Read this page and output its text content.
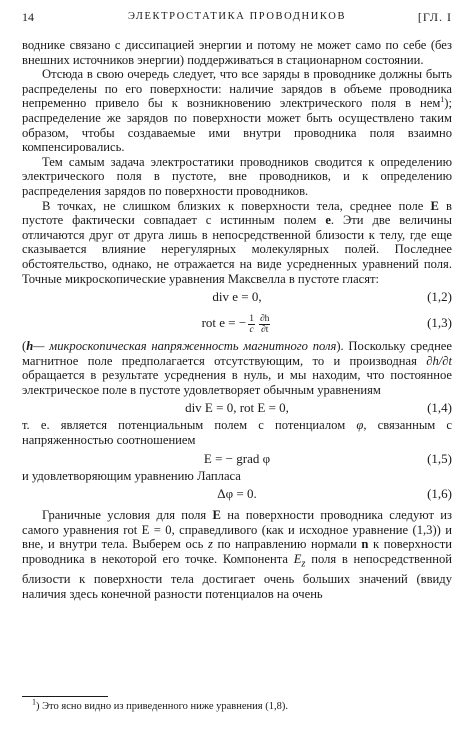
14	ЭЛЕКТРОСТАТИКА ПРОВОДНИКОВ	[ГЛ. I

воднике связано с диссипацией энергии и потому не может само по себе (без внешних источников энергии) поддерживаться в стационарном состоянии.

Отсюда в свою очередь следует, что все заряды в проводнике должны быть распределены по его поверхности: наличие зарядов в объеме проводника непременно привело бы к возникновению электрического поля в нем$^1$); распределение же зарядов по поверхности может быть осуществлено таким образом, чтобы создаваемые ими внутри проводника поля взаимно компенсировались.

Тем самым задача электростатики проводников сводится к определению электрического поля в пустоте, вне проводников, и к определению распределения зарядов по поверхности проводников.

В точках, не слишком близких к поверхности тела, среднее поле E в пустоте фактически совпадает с истинным полем e. Эти две величины отличаются друг от друга лишь в непосредственной близости к телу, где еще сказывается влияние нерегулярных молекулярных полей. Последнее обстоятельство, однако, не отражается на виде усредненных уравнений поля. Точные микроскопические уравнения Максвелла в пустоте гласят:

div e = 0,	(1,2)
rot e = − $\frac{1}{c} \frac{\partial h}{\partial t}$	(1,3)

(h— микроскопическая напряженность магнитного поля). Поскольку среднее магнитное поле предполагается отсутствующим, то и производная ∂h/∂t обращается в результате усреднения в нуль, и мы находим, что постоянное электрическое поле в пустоте удовлетворяет обычным уравнениям

div E = 0, rot E = 0,	(1,4)

т. е. является потенциальным полем с потенциалом φ, связанным с напряженностью соотношением

E = − grad φ	(1,5)

и удовлетворяющим уравнению Лапласа

Δφ = 0.	(1,6)

Граничные условия для поля E на поверхности проводника следуют из самого уравнения rot E = 0, справедливого (как и исходное уравнение (1,3)) и вне, и внутри тела. Выберем ось z по направлению нормали n к поверхности проводника в некоторой его точке. Компонента $E_z$ поля в непосредственной близости к поверхности тела достигает очень больших значений (ввиду наличия здесь конечной разности потенциалов на очень

$^1$) Это ясно видно из приведенного ниже уравнения (1,8).
